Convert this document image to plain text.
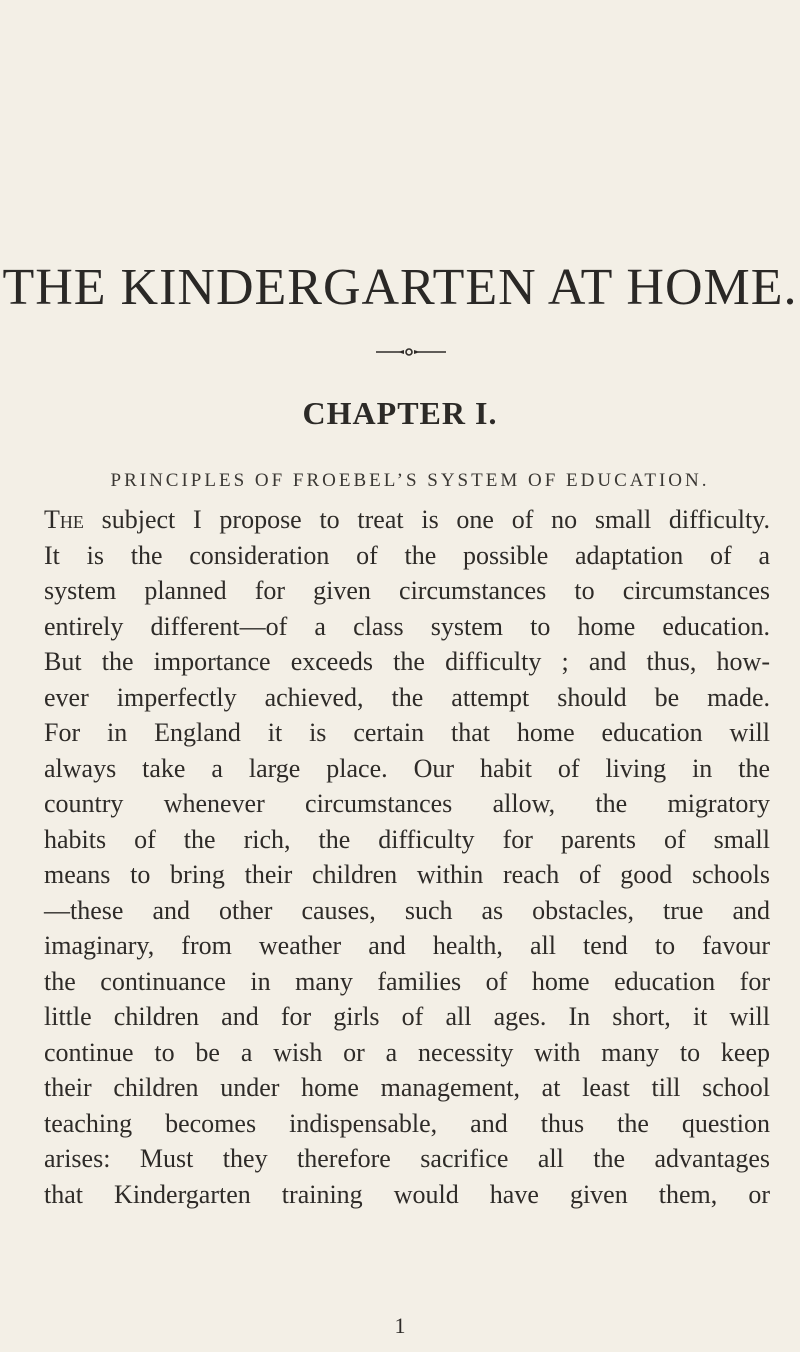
THE KINDERGARTEN AT HOME.
CHAPTER I.
PRINCIPLES OF FROEBEL’S SYSTEM OF EDUCATION.
The subject I propose to treat is one of no small difficulty.
It is the consideration of the possible adaptation of a
system planned for given circumstances to circumstances
entirely different—of a class system to home education.
But the importance exceeds the difficulty ; and thus, how-
ever imperfectly achieved, the attempt should be made.
For in England it is certain that home education will
always take a large place. Our habit of living in the
country whenever circumstances allow, the migratory
habits of the rich, the difficulty for parents of small
means to bring their children within reach of good schools
—these and other causes, such as obstacles, true and
imaginary, from weather and health, all tend to favour
the continuance in many families of home education for
little children and for girls of all ages. In short, it will
continue to be a wish or a necessity with many to keep
their children under home management, at least till school
teaching becomes indispensable, and thus the question
arises: Must they therefore sacrifice all the advantages
that Kindergarten training would have given them, or
1
